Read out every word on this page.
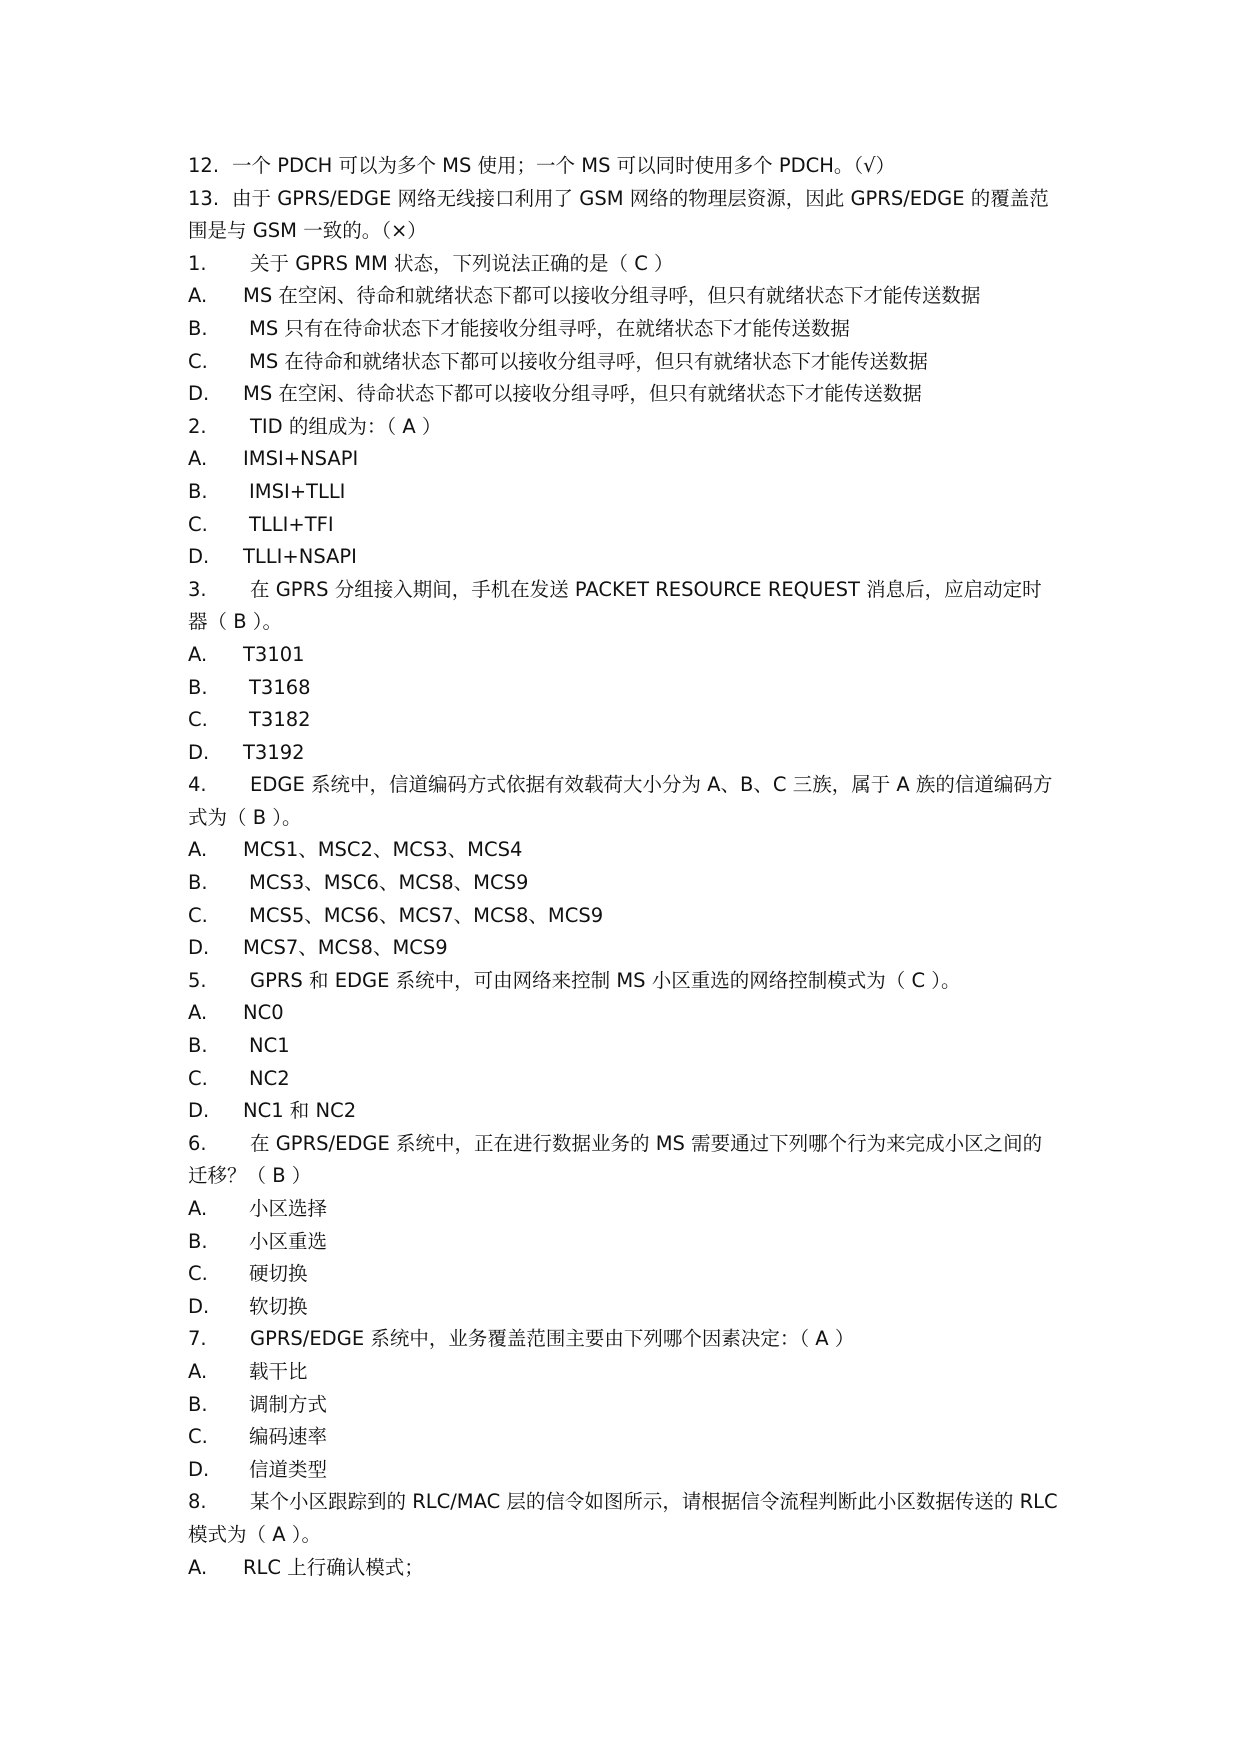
12. 一个 PDCH 可以为多个 MS 使用；一个 MS 可以同时使用多个 PDCH。（√）
13. 由于 GPRS/EDGE 网络无线接口利用了 GSM 网络的物理层资源，因此 GPRS/EDGE 的覆盖范围是与 GSM 一致的。（×）
1.	关于 GPRS MM 状态，下列说法正确的是（ C ）
A.	MS 在空闲、待命和就绪状态下都可以接收分组寻呼，但只有就绪状态下才能传送数据
B.	MS 只有在待命状态下才能接收分组寻呼，在就绪状态下才能传送数据
C.	MS 在待命和就绪状态下都可以接收分组寻呼，但只有就绪状态下才能传送数据
D.	MS 在空闲、待命状态下都可以接收分组寻呼，但只有就绪状态下才能传送数据
2.	TID 的组成为：（ A ）
A.	IMSI+NSAPI
B.	IMSI+TLLI
C.	TLLI+TFI
D.	TLLI+NSAPI
3. 在 GPRS 分组接入期间，手机在发送 PACKET RESOURCE REQUEST 消息后，应启动定时器（ B ）。
A.	T3101
B.	T3168
C.	T3182
D.	T3192
4. EDGE 系统中，信道编码方式依据有效载荷大小分为 A、B、C 三族，属于 A 族的信道编码方式为（ B ）。
A.	MCS1、MSC2、MCS3、MCS4
B.	MCS3、MSC6、MCS8、MCS9
C.	MCS5、MCS6、MCS7、MCS8、MCS9
D.	MCS7、MCS8、MCS9
5.	GPRS 和 EDGE 系统中，可由网络来控制 MS 小区重选的网络控制模式为（ C ）。
A.	NC0
B.	NC1
C.	NC2
D.	NC1 和 NC2
6. 在 GPRS/EDGE 系统中，正在进行数据业务的 MS 需要通过下列哪个行为来完成小区之间的迁移？（ B ）
A.	小区选择
B.	小区重选
C.	硬切换
D.	软切换
7.	GPRS/EDGE 系统中，业务覆盖范围主要由下列哪个因素决定：（ A ）
A.	载干比
B.	调制方式
C.	编码速率
D.	信道类型
8. 某个小区跟踪到的 RLC/MAC 层的信令如图所示，请根据信令流程判断此小区数据传送的 RLC 模式为（ A ）。
A.	RLC 上行确认模式；
